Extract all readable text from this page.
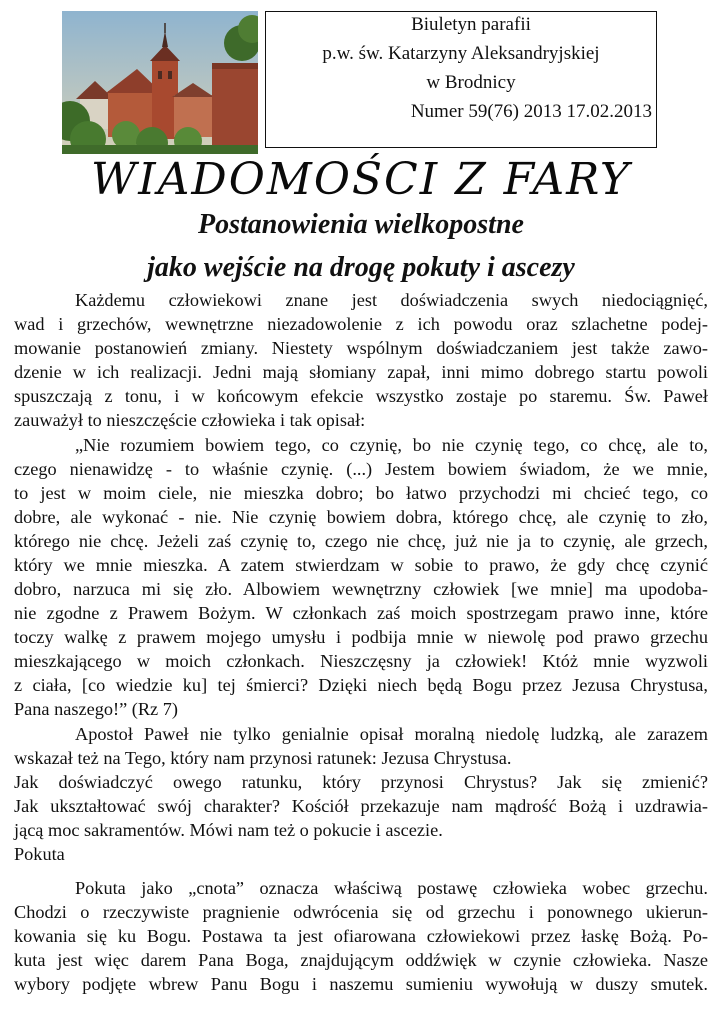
Biuletyn parafii
p.w. św. Katarzyny Aleksandryjskiej
w Brodnicy
Numer 59(76) 2013 17.02.2013
WIADOMOŚCI Z FARY
Postanowienia wielkopostne
jako wejście na drogę pokuty i ascezy
Każdemu człowiekowi znane jest doświadczenia swych niedociągnięć,
wad i grzechów, wewnętrzne niezadowolenie z ich powodu oraz szlachetne podej-
mowanie postanowień zmiany. Niestety wspólnym doświadczaniem jest także zawo-
dzenie w ich realizacji. Jedni mają słomiany zapał, inni mimo dobrego startu powoli
spuszczają z tonu, i w końcowym efekcie wszystko zostaje po staremu. Św. Paweł
zauważył to nieszczęście człowieka i tak opisał:
„Nie rozumiem bowiem tego, co czynię, bo nie czynię tego, co chcę, ale to,
czego nienawidzę - to właśnie czynię. (...) Jestem bowiem świadom, że we mnie,
to jest w moim ciele, nie mieszka dobro; bo łatwo przychodzi mi chcieć tego, co
dobre, ale wykonać - nie. Nie czynię bowiem dobra, którego chcę, ale czynię to zło,
którego nie chcę. Jeżeli zaś czynię to, czego nie chcę, już nie ja to czynię, ale grzech,
który we mnie mieszka. A zatem stwierdzam w sobie to prawo, że gdy chcę czynić
dobro, narzuca mi się zło. Albowiem wewnętrzny człowiek [we mnie] ma upodoba-
nie zgodne z Prawem Bożym. W członkach zaś moich spostrzegam prawo inne, które
toczy walkę z prawem mojego umysłu i podbija mnie w niewolę pod prawo grzechu
mieszkającego w moich członkach. Nieszczęsny ja człowiek! Któż mnie wyzwoli
z ciała, [co wiedzie ku] tej śmierci? Dzięki niech będą Bogu przez Jezusa Chrystusa,
Pana naszego!” (Rz 7)
Apostoł Paweł nie tylko genialnie opisał moralną niedolę ludzką, ale zarazem
wskazał też na Tego, który nam przynosi ratunek: Jezusa Chrystusa.
Jak doświadczyć owego ratunku, który przynosi Chrystus? Jak się zmienić?
Jak ukształtować swój charakter? Kościół przekazuje nam mądrość Bożą i uzdrawia-
jącą moc sakramentów. Mówi nam też o pokucie i ascezie.
Pokuta
Pokuta jako „cnota” oznacza właściwą postawę człowieka wobec grzechu.
Chodzi o rzeczywiste pragnienie odwrócenia się od grzechu i ponownego ukierun-
kowania się ku Bogu. Postawa ta jest ofiarowana człowiekowi przez łaskę Bożą. Po-
kuta jest więc darem Pana Boga, znajdującym oddźwięk w czynie człowieka. Nasze
wybory podjęte wbrew Panu Bogu i naszemu sumieniu wywołują w duszy smutek.
